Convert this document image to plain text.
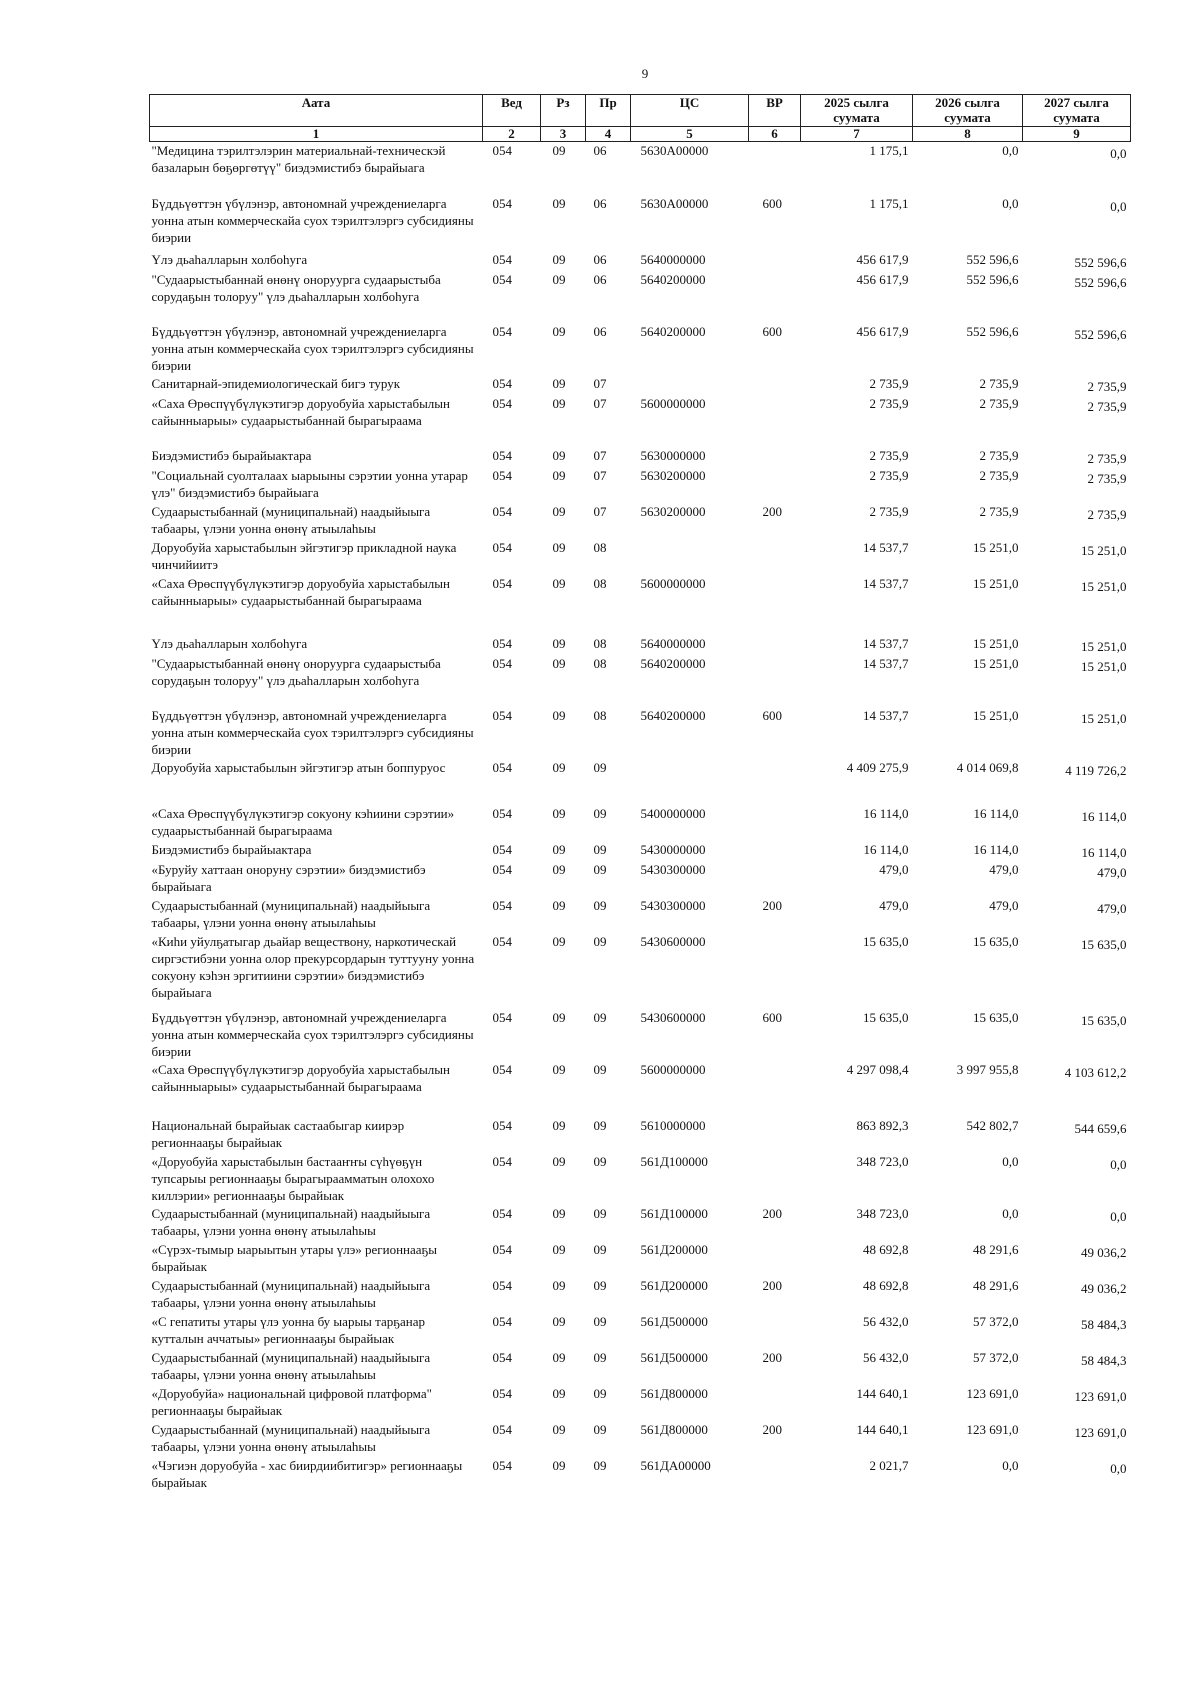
9
Аата	Вед	Рз	Пр	ЦС	ВР	2025 сылга суумата	2026 сылга суумата	2027 сылга суумата
1	2	3	4	5	6	7	8	9
"Медицина тэрилтэлэрин материальнай-техническэй базаларын бөҕөргөтүү" биэдэмистибэ бырайыага	054	09	06	5630А00000		1 175,1	0,0	0,0
Бүддьүөттэн үбүлэнэр, автономнай учреждениеларга уонна атын коммерческайа суох тэрилтэлэргэ субсидияны биэрии	054	09	06	5630А00000	600	1 175,1	0,0	0,0
Үлэ дьаһалларын холбоһуга	054	09	06	5640000000		456 617,9	552 596,6	552 596,6
"Судаарыстыбаннай өнөнү оноруурга судаарыстыба сорудаҕын толоруу" үлэ дьаһалларын холбоһуга	054	09	06	5640200000		456 617,9	552 596,6	552 596,6
Бүддьүөттэн үбүлэнэр, автономнай учреждениеларга уонна атын коммерческайа суох тэрилтэлэргэ субсидияны биэрии	054	09	06	5640200000	600	456 617,9	552 596,6	552 596,6
Санитарнай-эпидемиологическай бигэ турук	054	09	07			2 735,9	2 735,9	2 735,9
«Саха Өрөспүүбүлүкэтигэр доруобуйа харыстабылын сайынныарыы» судаарыстыбаннай бырагыраама	054	09	07	5600000000		2 735,9	2 735,9	2 735,9
Биэдэмистибэ бырайыактара	054	09	07	5630000000		2 735,9	2 735,9	2 735,9
"Социальнай суолталаах ыарыыны сэрэтии уонна утарар үлэ" биэдэмистибэ бырайыага	054	09	07	5630200000		2 735,9	2 735,9	2 735,9
Судаарыстыбаннай (муниципальнай) наадыйыыга табаары, үлэни уонна өнөнү атыылаһыы	054	09	07	5630200000	200	2 735,9	2 735,9	2 735,9
Доруобуйа харыстабылын эйгэтигэр прикладной наука чинчийиитэ	054	09	08			14 537,7	15 251,0	15 251,0
«Саха Өрөспүүбүлүкэтигэр доруобуйа харыстабылын сайынныарыы» судаарыстыбаннай бырагыраама	054	09	08	5600000000		14 537,7	15 251,0	15 251,0
Үлэ дьаһалларын холбоһуга	054	09	08	5640000000		14 537,7	15 251,0	15 251,0
"Судаарыстыбаннай өнөнү оноруурга судаарыстыба сорудаҕын толоруу" үлэ дьаһалларын холбоһуга	054	09	08	5640200000		14 537,7	15 251,0	15 251,0
Бүддьүөттэн үбүлэнэр, автономнай учреждениеларга уонна атын коммерческайа суох тэрилтэлэргэ субсидияны биэрии	054	09	08	5640200000	600	14 537,7	15 251,0	15 251,0
Доруобуйа харыстабылын эйгэтигэр атын боппуруос	054	09	09			4 409 275,9	4 014 069,8	4 119 726,2
«Саха Өрөспүүбүлүкэтигэр сокуону кэһиини сэрэтии» судаарыстыбаннай бырагыраама	054	09	09	5400000000		16 114,0	16 114,0	16 114,0
Биэдэмистибэ бырайыактара	054	09	09	5430000000		16 114,0	16 114,0	16 114,0
«Буруйу хаттаан оноруну сэрэтии» биэдэмистибэ бырайыага	054	09	09	5430300000		479,0	479,0	479,0
Судаарыстыбаннай (муниципальнай) наадыйыыга табаары, үлэни уонна өнөнү атыылаһыы	054	09	09	5430300000	200	479,0	479,0	479,0
«Киһи уйулҕатыгар дьайар веществону, наркотическай сиргэстибэни уонна олор прекурсордарын туттууну уонна сокуону кэһэн эргитиини сэрэтии» биэдэмистибэ бырайыага	054	09	09	5430600000		15 635,0	15 635,0	15 635,0
Бүддьүөттэн үбүлэнэр, автономнай учреждениеларга уонна атын коммерческайа суох тэрилтэлэргэ субсидияны биэрии	054	09	09	5430600000	600	15 635,0	15 635,0	15 635,0
«Саха Өрөспүүбүлүкэтигэр доруобуйа харыстабылын сайынныарыы» судаарыстыбаннай бырагыраама	054	09	09	5600000000		4 297 098,4	3 997 955,8	4 103 612,2
Национальнай бырайыак састаабыгар киирэр регионнааҕы бырайыак	054	09	09	5610000000		863 892,3	542 802,7	544 659,6
«Доруобуйа харыстабылын бастааҥҥы сүһүөҕүн тупсарыы регионнааҕы бырагыраамматын олохохо киллэрии» регионнааҕы бырайыак	054	09	09	561Д100000		348 723,0	0,0	0,0
Судаарыстыбаннай (муниципальнай) наадыйыыга табаары, үлэни уонна өнөнү атыылаһыы	054	09	09	561Д100000	200	348 723,0	0,0	0,0
«Сүрэх-тымыр ыарыытын утары үлэ» регионнааҕы бырайыак	054	09	09	561Д200000		48 692,8	48 291,6	49 036,2
Судаарыстыбаннай (муниципальнай) наадыйыыга табаары, үлэни уонна өнөнү атыылаһыы	054	09	09	561Д200000	200	48 692,8	48 291,6	49 036,2
«С гепатиты утары үлэ уонна бу ыарыы тарҕанар кутталын аччатыы» регионнааҕы бырайыак	054	09	09	561Д500000		56 432,0	57 372,0	58 484,3
Судаарыстыбаннай (муниципальнай) наадыйыыга табаары, үлэни уонна өнөнү атыылаһыы	054	09	09	561Д500000	200	56 432,0	57 372,0	58 484,3
«Доруобуйа» национальнай цифровой платформа" регионнааҕы бырайыак	054	09	09	561Д800000		144 640,1	123 691,0	123 691,0
Судаарыстыбаннай (муниципальнай) наадыйыыга табаары, үлэни уонна өнөнү атыылаһыы	054	09	09	561Д800000	200	144 640,1	123 691,0	123 691,0
«Чэгиэн доруобуйа - хас биирдиибитигэр» регионнааҕы бырайыак	054	09	09	561ДА00000		2 021,7	0,0	0,0
